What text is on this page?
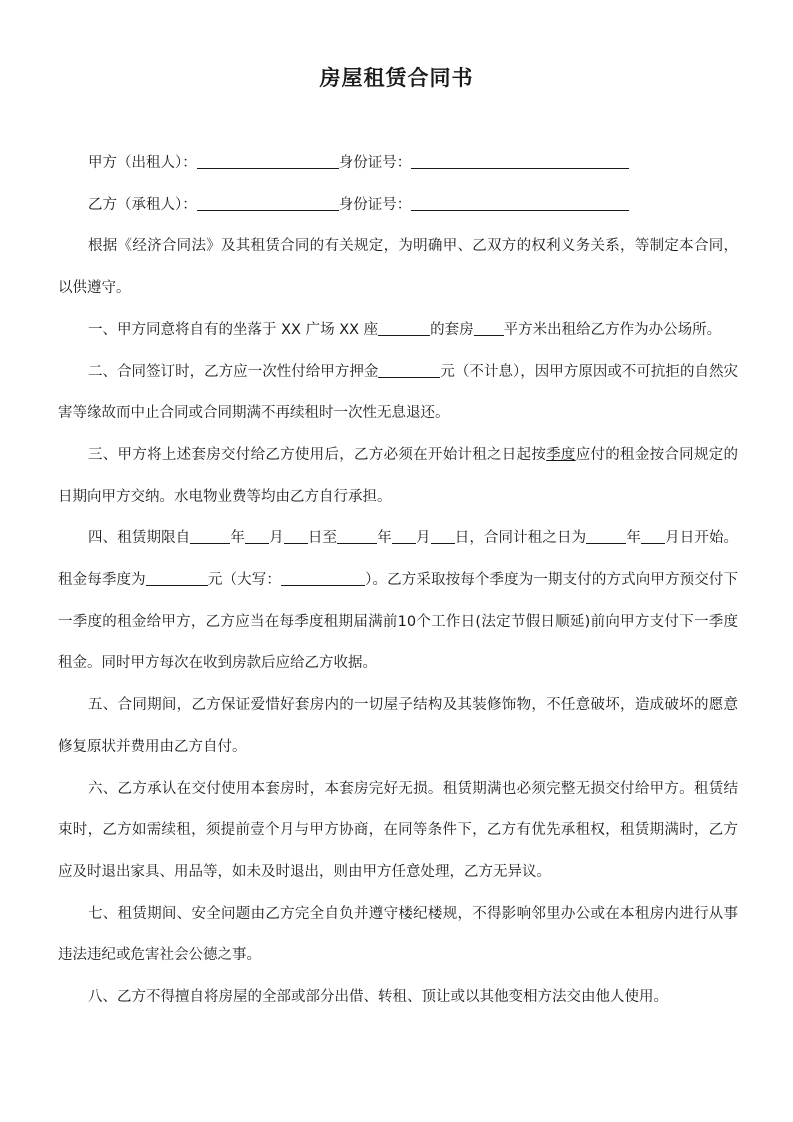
房屋租赁合同书

甲方（出租人）：	身份证号：

乙方（承租人）：	身份证号：

根据《经济合同法》及其租赁合同的有关规定，为明确甲、乙双方的权利义务关系，等制定本合同，以供遵守。

一、甲方同意将自有的坐落于 XX 广场 XX 座	的套房 平方米出租给乙方作为办公场所。

二、合同签订时，乙方应一次性付给甲方押金	元（不计息），因甲方原因或不可抗拒的自然灾害等缘故而中止合同或合同期满不再续租时一次性无息退还。

三、甲方将上述套房交付给乙方使用后，乙方必须在开始计租之日起按季度应付的租金按合同规定的日期向甲方交纳。水电物业费等均由乙方自行承担。

四、租赁期限自	年 月 日至	年 月 日，合同计租之日为	年 月日开始。租金每季度为	元（大写：	）。乙方采取按每个季度为一期支付的方式向甲方预交付下一季度的租金给甲方，乙方应当在每季度租期届满前10个工作日(法定节假日顺延)前向甲方支付下一季度租金。同时甲方每次在收到房款后应给乙方收据。

五、合同期间，乙方保证爱惜好套房内的一切屋子结构及其装修饰物，不任意破坏，造成破坏的愿意修复原状并费用由乙方自付。

六、乙方承认在交付使用本套房时，本套房完好无损。租赁期满也必须完整无损交付给甲方。租赁结束时，乙方如需续租，须提前壹个月与甲方协商，在同等条件下，乙方有优先承租权，租赁期满时，乙方应及时退出家具、用品等，如未及时退出，则由甲方任意处理，乙方无异议。

七、租赁期间、安全问题由乙方完全自负并遵守楼纪楼规，不得影响邻里办公或在本租房内进行从事违法违纪或危害社会公德之事。

八、乙方不得擅自将房屋的全部或部分出借、转租、顶让或以其他变相方法交由他人使用。
